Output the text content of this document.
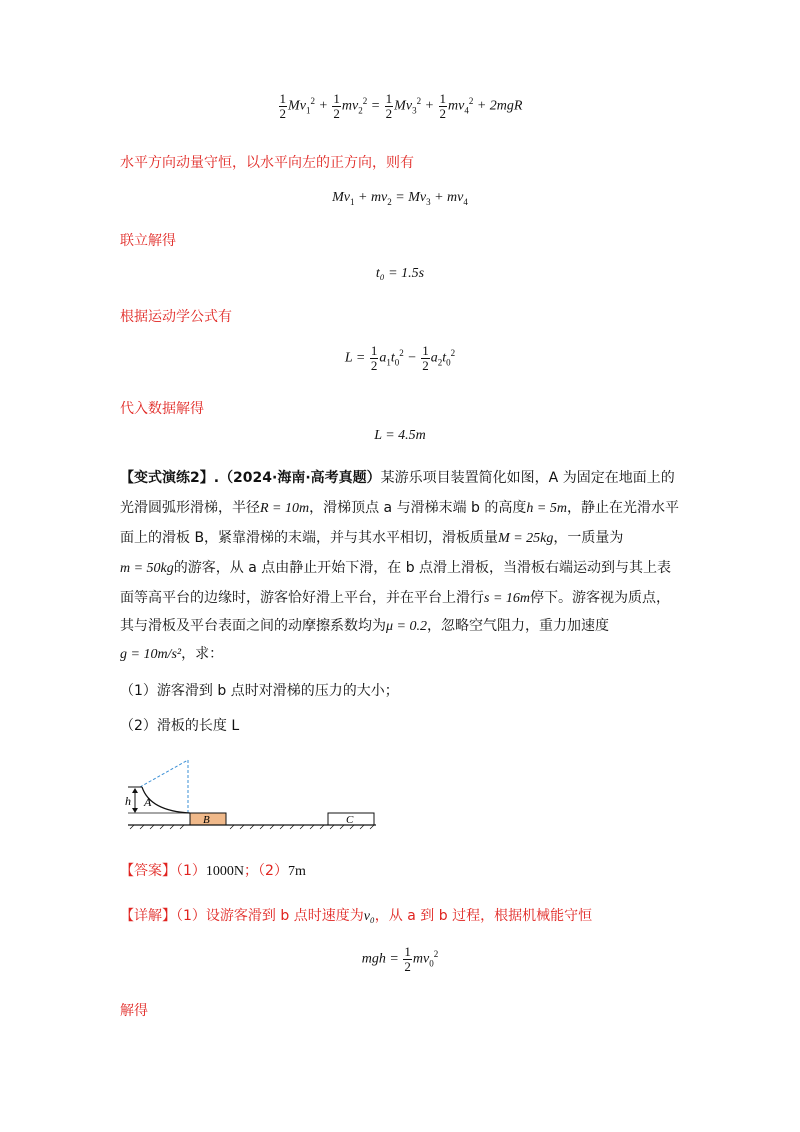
$\frac{1}{2} Mv_1^2 + \frac{1}{2} mv_2^2 = \frac{1}{2} Mv_3^2 + \frac{1}{2} mv_4^2 + 2mgR$
水平方向动量守恒，以水平向左的正方向，则有
$Mv_1 + mv_2 = Mv_3 + mv_4$
联立解得
t₀ = 1.5s
根据运动学公式有
$L = \frac{1}{2} a_1t_0^2 - \frac{1}{2} a_2t_0^2$
代入数据解得
L = 4.5m
【变式演练2】.（2024·海南·高考真题）某游乐项目装置简化如图，A 为固定在地面上的
光滑圆弧形滑梯，半径R = 10m，滑梯顶点 a 与滑梯末端 b 的高度h = 5m，静止在光滑水平
面上的滑板 B，紧靠滑梯的末端，并与其水平相切，滑板质量M = 25kg，一质量为
m = 50kg的游客，从 a 点由静止开始下滑，在 b 点滑上滑板，当滑板右端运动到与其上表
面等高平台的边缘时，游客恰好滑上平台，并在平台上滑行s = 16m停下。游客视为质点，
其与滑板及平台表面之间的动摩擦系数均为μ = 0.2，忽略空气阻力，重力加速度
g = 10m/s²，求：
（1）游客滑到 b 点时对滑梯的压力的大小；
（2）滑板的长度 L
h A
B	C
【答案】（1）1000N；（2）7m
【详解】（1）设游客滑到 b 点时速度为v₀，从 a 到 b 过程，根据机械能守恒
mgh = $\frac{1}{2} mv_0^2$
解得
